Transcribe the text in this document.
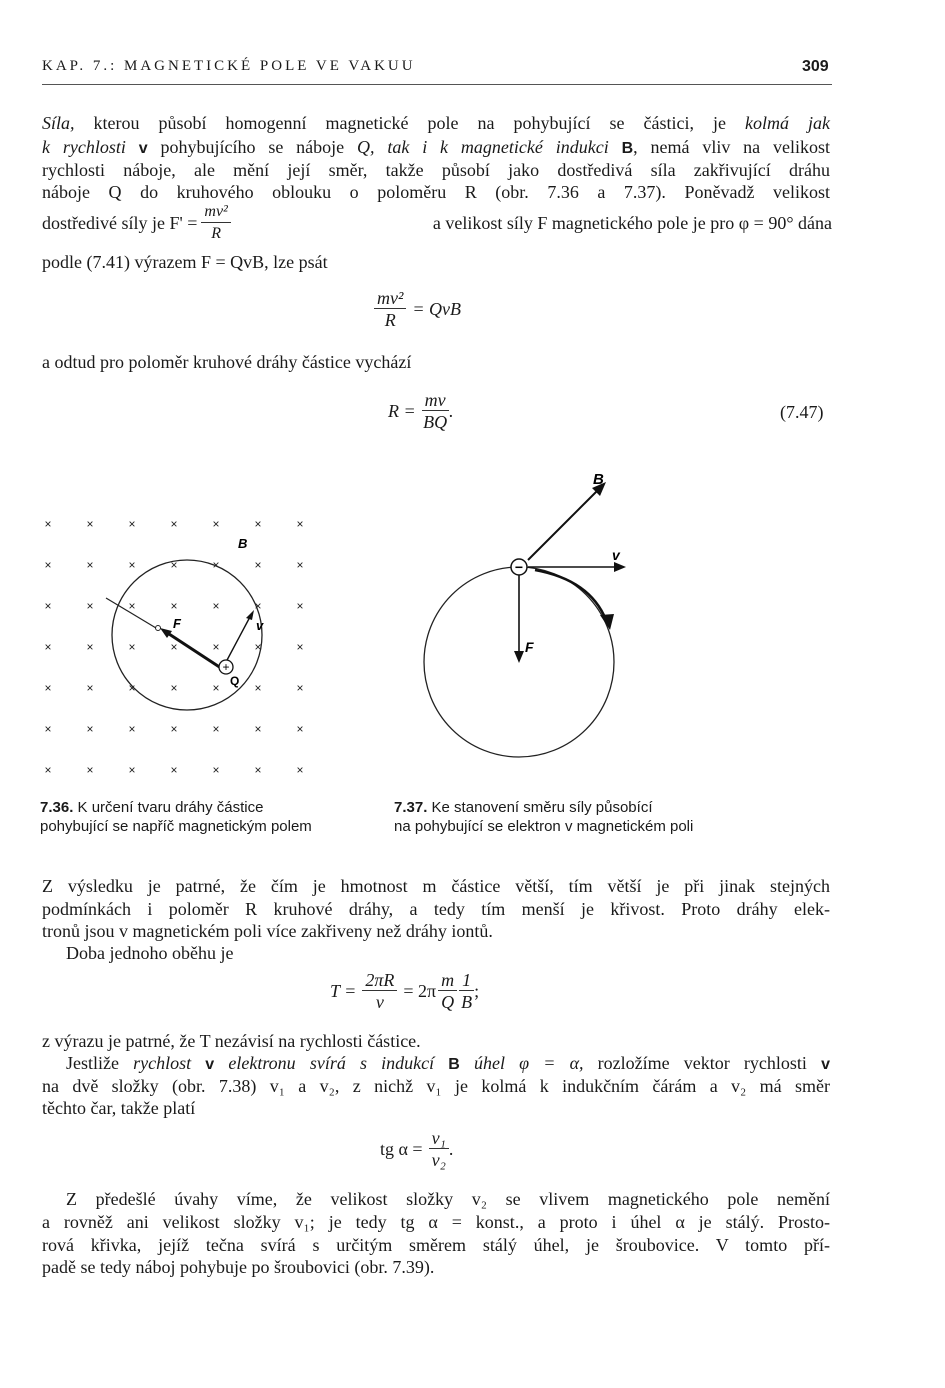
KAP. 7.: MAGNETICKÉ POLE VE VAKUU	309
Síla, kterou působí homogenní magnetické pole na pohybující se částici, je kolmá jak
k rychlosti v pohybujícího se náboje Q, tak i k magnetické indukci B, nemá vliv na velikost
rychlosti náboje, ale mění její směr, takže působí jako dostředivá síla zakřivující dráhu
náboje Q do kruhového oblouku o poloměru R (obr. 7.36 a 7.37). Poněvadž velikost
dostředivé síly je $F' = \frac{\text{mv²}}{R}$	a velikost síly F magnetického pole je pro φ = 90° dána
podle (7.41) výrazem F = QvB, lze psát
$\frac{\text{mv²}}{R}$ = QvB
a odtud pro poloměr kruhové dráhy částice vychází
$R = \frac{mv}{BQ}$ .	(7.47)
×	×	×	×	×	×	×
×	×	×	×	×	×	×
×	×	×	×	×	×	×
×	×	×	×	×	×	×
×	×	×	×	×	×	×
×	×	×	×	×	×	×
×	×	×	×	×	×	×
+
B
F	v
Q
7.36. K určení tvaru dráhy částice
pohybující se napříč magnetickým polem
−
B
v
F
7.37. Ke stanovení směru síly působící
na pohybující se elektron v magnetickém poli
Z výsledku je patrné, že čím je hmotnost m částice větší, tím větší je při jinak stejných
podmínkách i poloměr R kruhové dráhy, a tedy tím menší je křivost. Proto dráhy elek-
tronů jsou v magnetickém poli více zakřiveny než dráhy iontů.
Doba jednoho oběhu je
$T = \frac{2\pi R}{v} = 2\pi \frac{m}{Q} \frac{1}{B}$ ;
z výrazu je patrné, že T nezávisí na rychlosti částice.
Jestliže rychlost v elektronu svírá s indukcí B úhel φ = α, rozložíme vektor rychlosti v
na dvě složky (obr. 7.38) v₁ a v₂, z nichž v₁ je kolmá k indukčním čárám a v₂ má směr
těchto čar, takže platí
tg $\alpha = \frac{\text{v₁}}{\text{v₂}}$ .
Z předešlé úvahy víme, že velikost složky v₂ se vlivem magnetického pole nemění
a rovněž ani velikost složky v₁; je tedy tg α = konst., a proto i úhel α je stálý. Prosto-
rová křivka, jejíž tečna svírá s určitým směrem stálý úhel, je šroubovice. V tomto pří-
padě se tedy náboj pohybuje po šroubovici (obr. 7.39).
